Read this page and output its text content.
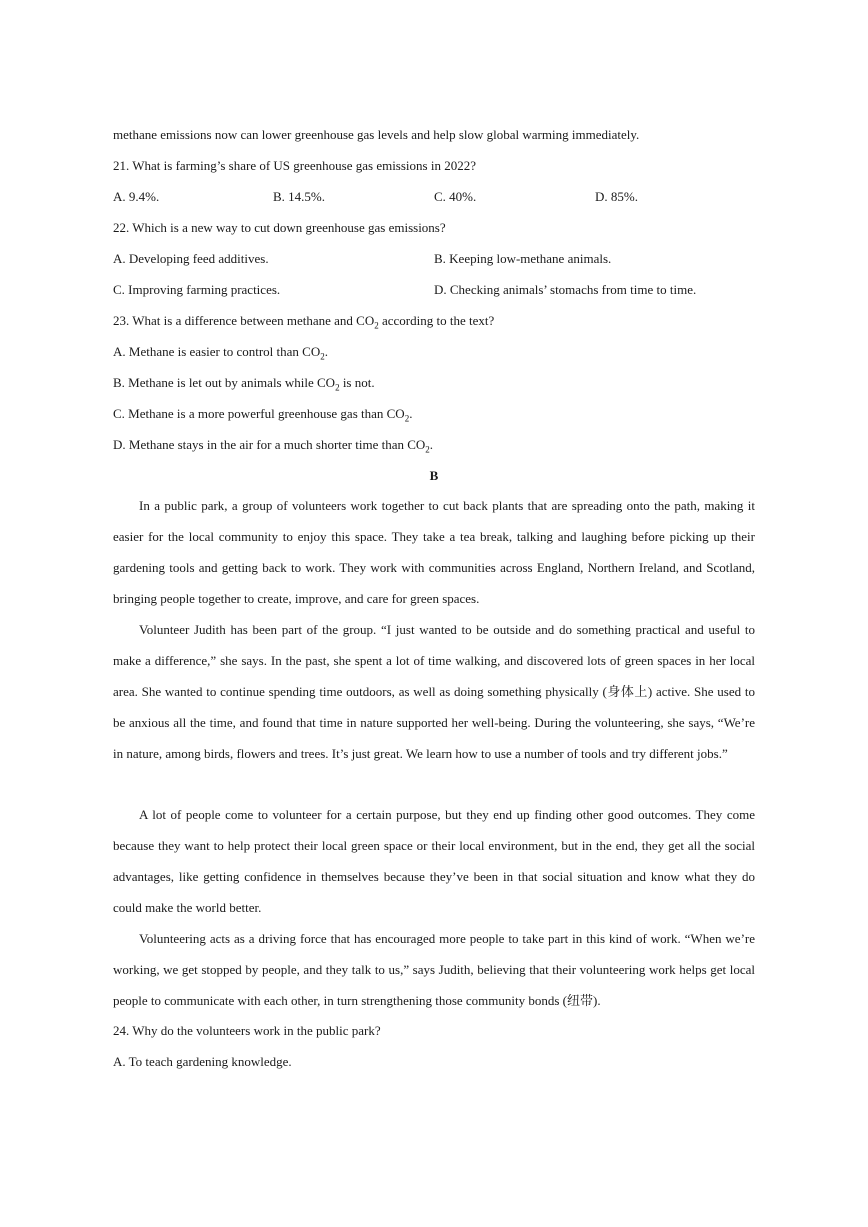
methane emissions now can lower greenhouse gas levels and help slow global warming immediately.
21. What is farming’s share of US greenhouse gas emissions in 2022?
A. 9.4%.	B. 14.5%.	C. 40%.	D. 85%.
22. Which is a new way to cut down greenhouse gas emissions?
A. Developing feed additives.	B. Keeping low-methane animals.
C. Improving farming practices.	D. Checking animals’ stomachs from time to time.
23. What is a difference between methane and $CO_2$ according to the text?
A. Methane is easier to control than $CO_2$.
B. Methane is let out by animals while $CO_2$ is not.
C. Methane is a more powerful greenhouse gas than $CO_2$.
D. Methane stays in the air for a much shorter time than $CO_2$.
B

In a public park, a group of volunteers work together to cut back plants that are spreading onto the path, making it easier for the local community to enjoy this space. They take a tea break, talking and laughing before picking up their gardening tools and getting back to work. They work with communities across England, Northern Ireland, and Scotland, bringing people together to create, improve, and care for green spaces.

Volunteer Judith has been part of the group. “I just wanted to be outside and do something practical and useful to make a difference,” she says. In the past, she spent a lot of time walking, and discovered lots of green spaces in her local area. She wanted to continue spending time outdoors, as well as doing something physically (身体上) active. She used to be anxious all the time, and found that time in nature supported her well-being. During the volunteering, she says, “We’re in nature, among birds, flowers and trees. It’s just great. We learn how to use a number of tools and try different jobs.”

A lot of people come to volunteer for a certain purpose, but they end up finding other good outcomes. They come because they want to help protect their local green space or their local environment, but in the end, they get all the social advantages, like getting confidence in themselves because they’ve been in that social situation and know what they do could make the world better.

Volunteering acts as a driving force that has encouraged more people to take part in this kind of work. “When we’re working, we get stopped by people, and they talk to us,” says Judith, believing that their volunteering work helps get local people to communicate with each other, in turn strengthening those community bonds (纽带).

24. Why do the volunteers work in the public park?
A. To teach gardening knowledge.
